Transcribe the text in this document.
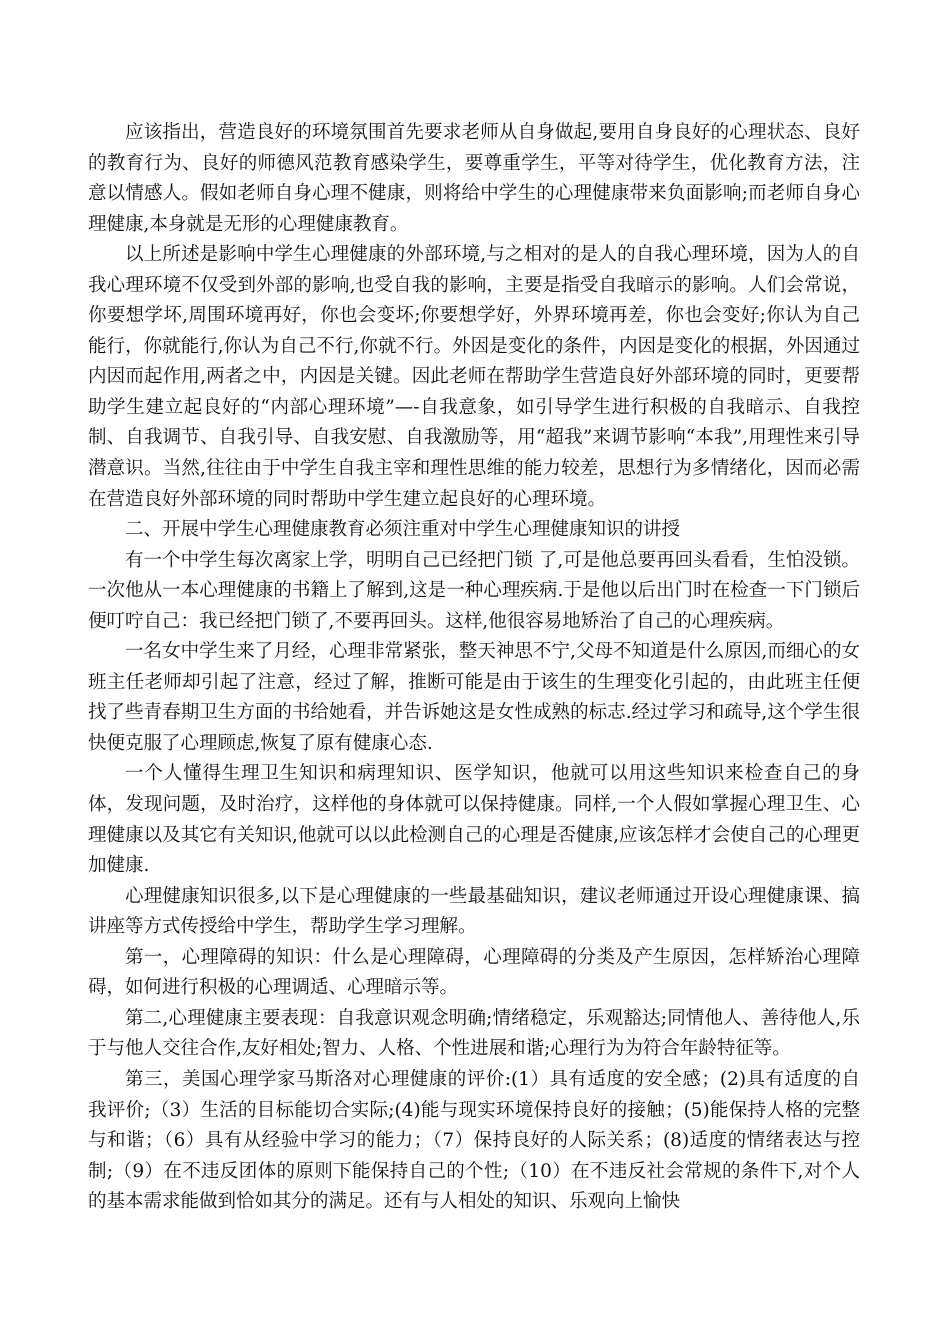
应该指出，营造良好的环境氛围首先要求老师从自身做起,要用自身良好的心理状态、良好的教育行为、良好的师德风范教育感染学生，要尊重学生，平等对待学生，优化教育方法，注意以情感人。假如老师自身心理不健康，则将给中学生的心理健康带来负面影响;而老师自身心理健康,本身就是无形的心理健康教育。

以上所述是影响中学生心理健康的外部环境,与之相对的是人的自我心理环境，因为人的自我心理环境不仅受到外部的影响,也受自我的影响，主要是指受自我暗示的影响。人们会常说，你要想学坏,周围环境再好，你也会变坏;你要想学好，外界环境再差，你也会变好;你认为自己能行，你就能行,你认为自己不行,你就不行。外因是变化的条件，内因是变化的根据，外因通过内因而起作用,两者之中，内因是关键。因此老师在帮助学生营造良好外部环境的同时，更要帮助学生建立起良好的“内部心理环境”—-自我意象，如引导学生进行积极的自我暗示、自我控制、自我调节、自我引导、自我安慰、自我激励等，用“超我”来调节影响“本我”,用理性来引导潜意识。当然,往往由于中学生自我主宰和理性思维的能力较差，思想行为多情绪化，因而必需在营造良好外部环境的同时帮助中学生建立起良好的心理环境。

二、开展中学生心理健康教育必须注重对中学生心理健康知识的讲授

有一个中学生每次离家上学，明明自己已经把门锁 了,可是他总要再回头看看，生怕没锁。一次他从一本心理健康的书籍上了解到,这是一种心理疾病.于是他以后出门时在检查一下门锁后便叮咛自己：我已经把门锁了,不要再回头。这样,他很容易地矫治了自己的心理疾病。

一名女中学生来了月经，心理非常紧张，整天神思不宁,父母不知道是什么原因,而细心的女班主任老师却引起了注意，经过了解，推断可能是由于该生的生理变化引起的，由此班主任便找了些青春期卫生方面的书给她看，并告诉她这是女性成熟的标志.经过学习和疏导,这个学生很快便克服了心理顾虑,恢复了原有健康心态.

一个人懂得生理卫生知识和病理知识、医学知识，他就可以用这些知识来检查自己的身体，发现问题，及时治疗，这样他的身体就可以保持健康。同样,一个人假如掌握心理卫生、心理健康以及其它有关知识,他就可以以此检测自己的心理是否健康,应该怎样才会使自己的心理更加健康.

心理健康知识很多,以下是心理健康的一些最基础知识，建议老师通过开设心理健康课、搞讲座等方式传授给中学生，帮助学生学习理解。

第一，心理障碍的知识：什么是心理障碍，心理障碍的分类及产生原因，怎样矫治心理障碍，如何进行积极的心理调适、心理暗示等。

第二,心理健康主要表现：自我意识观念明确;情绪稳定，乐观豁达;同情他人、善待他人,乐于与他人交往合作,友好相处;智力、人格、个性进展和谐;心理行为为符合年龄特征等。

第三，美国心理学家马斯洛对心理健康的评价:(1）具有适度的安全感；(2)具有适度的自我评价;（3）生活的目标能切合实际;(4)能与现实环境保持良好的接触；(5)能保持人格的完整与和谐；（6）具有从经验中学习的能力；（7）保持良好的人际关系；(8)适度的情绪表达与控制;（9）在不违反团体的原则下能保持自己的个性;（10）在不违反社会常规的条件下,对个人的基本需求能做到恰如其分的满足。还有与人相处的知识、乐观向上愉快
